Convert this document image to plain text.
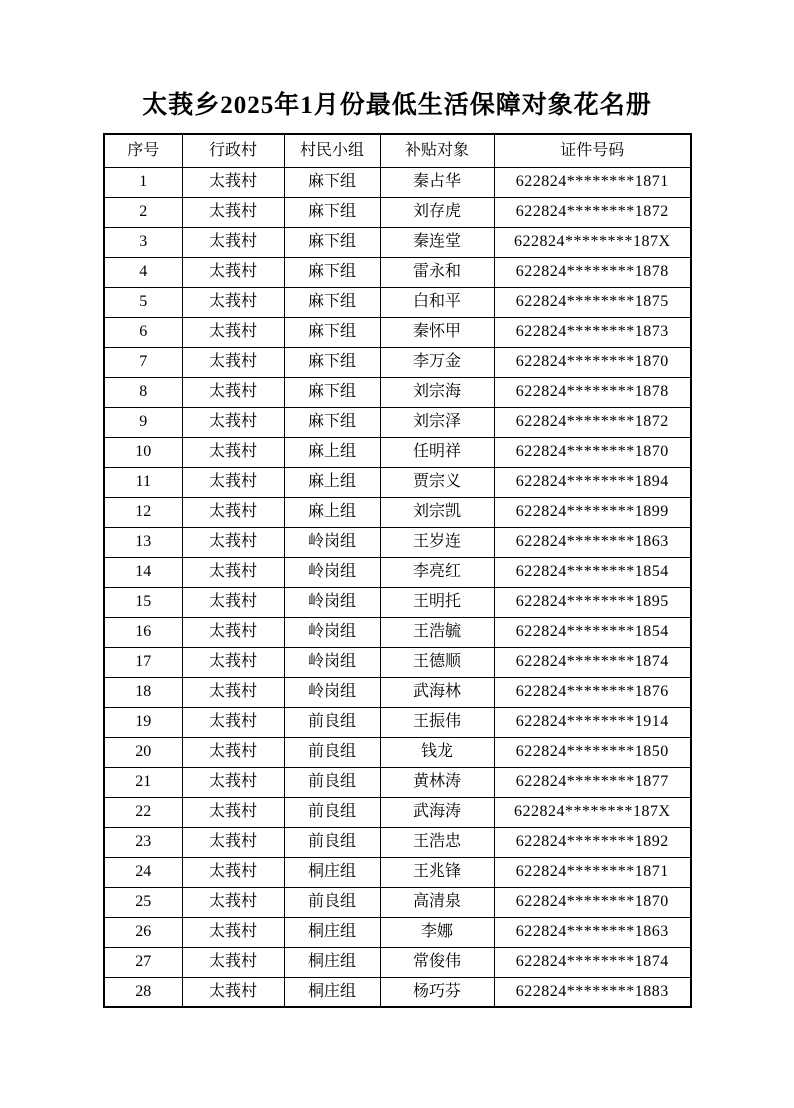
太莪乡2025年1月份最低生活保障对象花名册
序号	行政村	村民小组	补贴对象	证件号码
1	太莪村	麻下组	秦占华	622824********1871
2	太莪村	麻下组	刘存虎	622824********1872
3	太莪村	麻下组	秦连堂	622824********187X
4	太莪村	麻下组	雷永和	622824********1878
5	太莪村	麻下组	白和平	622824********1875
6	太莪村	麻下组	秦怀甲	622824********1873
7	太莪村	麻下组	李万金	622824********1870
8	太莪村	麻下组	刘宗海	622824********1878
9	太莪村	麻下组	刘宗泽	622824********1872
10	太莪村	麻上组	任明祥	622824********1870
11	太莪村	麻上组	贾宗义	622824********1894
12	太莪村	麻上组	刘宗凯	622824********1899
13	太莪村	岭岗组	王岁连	622824********1863
14	太莪村	岭岗组	李亮红	622824********1854
15	太莪村	岭岗组	王明托	622824********1895
16	太莪村	岭岗组	王浩毓	622824********1854
17	太莪村	岭岗组	王德顺	622824********1874
18	太莪村	岭岗组	武海林	622824********1876
19	太莪村	前良组	王振伟	622824********1914
20	太莪村	前良组	钱龙	622824********1850
21	太莪村	前良组	黄林涛	622824********1877
22	太莪村	前良组	武海涛	622824********187X
23	太莪村	前良组	王浩忠	622824********1892
24	太莪村	桐庄组	王兆锋	622824********1871
25	太莪村	前良组	高清泉	622824********1870
26	太莪村	桐庄组	李娜	622824********1863
27	太莪村	桐庄组	常俊伟	622824********1874
28	太莪村	桐庄组	杨巧芬	622824********1883
